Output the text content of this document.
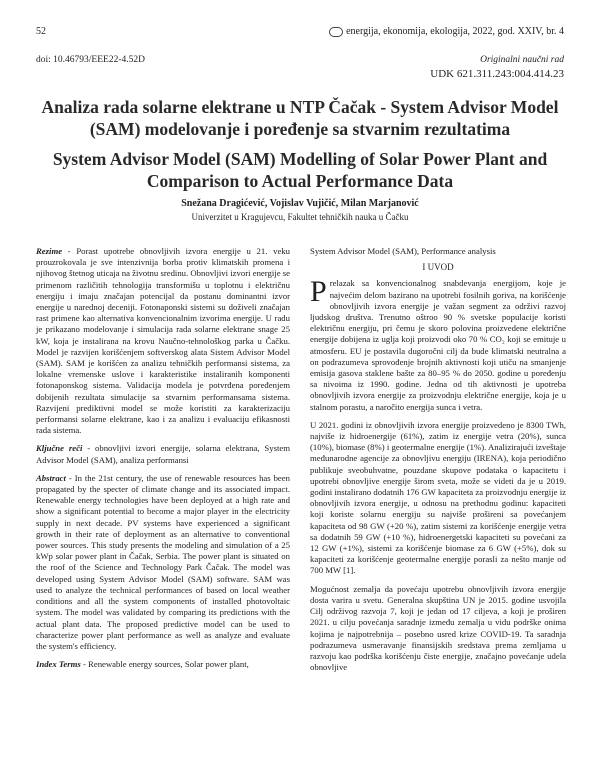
52	energija, ekonomija, ekologija, 2022, god. XXIV, br. 4
doi: 10.46793/EEE22-4.52D	Originalni naučni rad
UDK 621.311.243:004.414.23
Analiza rada solarne elektrane u NTP Čačak - System Advisor Model (SAM) modelovanje i poređenje sa stvarnim rezultatima
System Advisor Model (SAM) Modelling of Solar Power Plant and Comparison to Actual Performance Data
Snežana Dragićević, Vojislav Vujičić, Milan Marjanović
Univerzitet u Kragujevcu, Fakultet tehničkih nauka u Čačku

Rezime - Porast upotrebe obnovljivih izvora energije u 21. veku prouzrokovala je sve intenzivnija borba protiv klimatskih promena i njihovog štetnog uticaja na životnu sredinu. Obnovljivi izvori energije se primenom različitih tehnologija transformišu u toplotnu i električnu energiju i imaju značajan potencijal da postanu dominantni izvor energije u narednoj deceniji. Fotonaponski sistemi su doživeli značajan rast primene kao alternativa konvencionalnim izvorima energije. U radu je prikazano modelovanje i simulacija rada solarne elektrane snage 25 kW, koja je instalirana na krovu Naučno-tehnološkog parka u Čačku. Model je razvijen korišćenjem softverskog alata Sistem Advisor Model (SAM). SAM je korišćen za analizu tehničkih performansi sistema, za lokalne vremenske uslove i karakteristike instaliranih komponenti fotonaponskog sistema. Validacija modela je potvrđena poređenjem dobijenih rezultata simulacije sa stvarnim performansama sistema. Razvijeni prediktivni model se može koristiti za karakterizaciju performansi solarne elektrane, kao i za analizu i evaluaciju efikasnosti rada sistema.

Ključne reči - obnovljivi izvori energije, solarna elektrana, System Advisor Model (SAM), analiza performansi

Abstract - In the 21st century, the use of renewable resources has been propagated by the specter of climate change and its associated impact. Renewable energy technologies have been deployed at a high rate and show a significant potential to become a major player in the electricity supply in next decade. PV systems have experienced a significant growth in their rate of deployment as an alternative to conventional power sources. This study presents the modeling and simulation of a 25 kWp solar power plant in Čačak, Serbia. The power plant is situated on the roof of the Science and Technology Park Čačak. The model was developed using System Advisor Model (SAM) software. SAM was used to analyze the technical performances of based on local weather conditions and all the system components of installed photovoltaic system. The model was validated by comparing its predictions with the actual plant data. The proposed predictive model can be used to characterize power plant performance as well as analyze and evaluate the system's efficiency.

Index Terms - Renewable energy sources, Solar power plant,

System Advisor Model (SAM), Performance analysis

I UVOD

Prelazak sa konvencionalnog snabdevanja energijom, koje je najvećim delom bazirano na upotrebi fosilnih goriva, na korišćenje obnovljivih izvora energije je važan segment za održivi razvoj ljudskog društva. Trenutno oštroo 90 % svetske populacije koristi električnu energiju, pri čemu je skoro polovina proizvedene električne energije dobijena iz uglja koji proizvodi oko 70 % CO₂ koji se emituje u atmosferu. EU je postavila dugoročni cilj da bude klimatski neutralna a on podrazumeva sprovođenje brojnih aktivnosti koji utiču na smanjenje emisija gasova staklene bašte za 80–95 % do 2050. godine u poređenju sa nivoima iz 1990. godine. Jedna od tih aktivnosti je upotreba obnovljivih izvora energije za proizvodnju električne energije, koja je u stalnom porastu, a naročito energija sunca i vetra.

U 2021. godini iz obnovljivih izvora energije proizvedeno je 8300 TWh, najviše iz hidroenergije (61%), zatim iz energije vetra (20%), sunca (10%), biomase (8%) i geotermalne energije (1%). Analizirajući izveštaje međunarodne agencije za obnovljivu energiju (IRENA), koja periodično publikuje sveobuhvatne, pouzdane skupove podataka o kapacitetu i upotrebi obnovljive energije širom sveta, može se videti da je u 2019. godini instalirano dodatnih 176 GW kapaciteta za proizvodnju energije iz obnovljivih izvora energije, u odnosu na prethodnu godinu: kapaciteti koji koriste solarnu energiju su najviše prošireni sa povećanjem kapaciteta od 98 GW (+20 %), zatim sistemi za korišćenje energije vetra sa dodatnih 59 GW (+10 %), hidroenergetski kapaciteti su povećani za 12 GW (+1%), sistemi za korišćenje biomase za 6 GW (+5%), dok su kapaciteti za korišćenje geotermalne energije porasli za nešto manje od 700 MW [1].

Mogućnost zemalja da povećaju upotrebu obnovljivih izvora energije dosta varira u svetu. Generalna skupština UN je 2015. godine usvojila Cilj održivog razvoja 7, koji je jedan od 17 ciljeva, a koji je proširen 2021. u cilju povećanja saradnje između zemalja u vidu podrške onima kojima je najpotrebnija – posebno usred krize COVID-19. Ta saradnja podrazumeva usmeravanje finansijskih sredstava prema zemljama u razvoju kao podrška korišćenju čiste energije, značajno povećanje udela obnovljive
